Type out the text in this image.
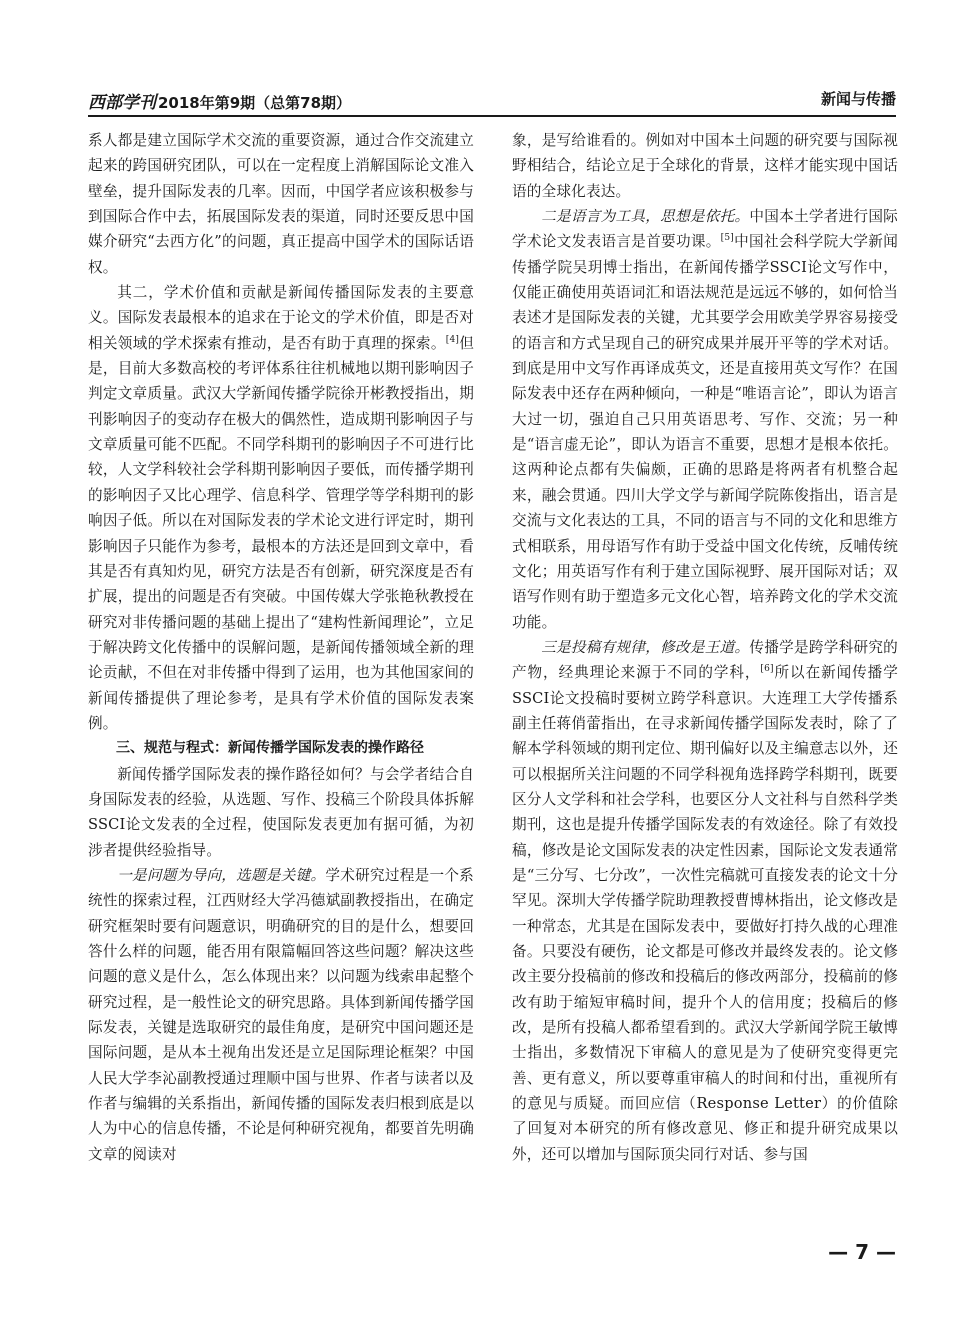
西部学刊 2018年第9期（总第78期）	新闻与传播

系人都是建立国际学术交流的重要资源，通过合作交流建立起来的跨国研究团队，可以在一定程度上消解国际论文准入壁垒，提升国际发表的几率。因而，中国学者应该积极参与到国际合作中去，拓展国际发表的渠道，同时还要反思中国媒介研究“去西方化”的问题，真正提高中国学术的国际话语权。

其二，学术价值和贡献是新闻传播国际发表的主要意义。国际发表最根本的追求在于论文的学术价值，即是否对相关领域的学术探索有推动，是否有助于真理的探索。[4]但是，目前大多数高校的考评体系往往机械地以期刊影响因子判定文章质量。武汉大学新闻传播学院徐开彬教授指出，期刊影响因子的变动存在极大的偶然性，造成期刊影响因子与文章质量可能不匹配。不同学科期刊的影响因子不可进行比较，人文学科较社会学科期刊影响因子要低，而传播学期刊的影响因子又比心理学、信息科学、管理学等学科期刊的影响因子低。所以在对国际发表的学术论文进行评定时，期刊影响因子只能作为参考，最根本的方法还是回到文章中，看其是否有真知灼见，研究方法是否有创新，研究深度是否有扩展，提出的问题是否有突破。中国传媒大学张艳秋教授在研究对非传播问题的基础上提出了“建构性新闻理论”，立足于解决跨文化传播中的误解问题，是新闻传播领域全新的理论贡献，不但在对非传播中得到了运用，也为其他国家间的新闻传播提供了理论参考，是具有学术价值的国际发表案例。

三、规范与程式：新闻传播学国际发表的操作路径

新闻传播学国际发表的操作路径如何？与会学者结合自身国际发表的经验，从选题、写作、投稿三个阶段具体拆解SSCI论文发表的全过程，使国际发表更加有据可循，为初涉者提供经验指导。

一是问题为导向，选题是关键。学术研究过程是一个系统性的探索过程，江西财经大学冯德斌副教授指出，在确定研究框架时要有问题意识，明确研究的目的是什么，想要回答什么样的问题，能否用有限篇幅回答这些问题？解决这些问题的意义是什么，怎么体现出来？以问题为线索串起整个研究过程，是一般性论文的研究思路。具体到新闻传播学国际发表，关键是选取研究的最佳角度，是研究中国问题还是国际问题，是从本土视角出发还是立足国际理论框架？中国人民大学李沁副教授通过理顺中国与世界、作者与读者以及作者与编辑的关系指出，新闻传播的国际发表归根到底是以人为中心的信息传播，不论是何种研究视角，都要首先明确文章的阅读对

象，是写给谁看的。例如对中国本土问题的研究要与国际视野相结合，结论立足于全球化的背景，这样才能实现中国话语的全球化表达。

二是语言为工具，思想是依托。中国本土学者进行国际学术论文发表语言是首要功课。[5]中国社会科学院大学新闻传播学院吴玥博士指出，在新闻传播学SSCI论文写作中，仅能正确使用英语词汇和语法规范是远远不够的，如何恰当表述才是国际发表的关键，尤其要学会用欧美学界容易接受的语言和方式呈现自己的研究成果并展开平等的学术对话。到底是用中文写作再译成英文，还是直接用英文写作？在国际发表中还存在两种倾向，一种是“唯语言论”，即认为语言大过一切，强迫自己只用英语思考、写作、交流；另一种是“语言虚无论”，即认为语言不重要，思想才是根本依托。这两种论点都有失偏颇，正确的思路是将两者有机整合起来，融会贯通。四川大学文学与新闻学院陈俊指出，语言是交流与文化表达的工具，不同的语言与不同的文化和思维方式相联系，用母语写作有助于受益中国文化传统，反哺传统文化；用英语写作有利于建立国际视野、展开国际对话；双语写作则有助于塑造多元文化心智，培养跨文化的学术交流功能。

三是投稿有规律，修改是王道。传播学是跨学科研究的产物，经典理论来源于不同的学科，[6]所以在新闻传播学SSCI论文投稿时要树立跨学科意识。大连理工大学传播系副主任蒋俏蕾指出，在寻求新闻传播学国际发表时，除了了解本学科领域的期刊定位、期刊偏好以及主编意志以外，还可以根据所关注问题的不同学科视角选择跨学科期刊，既要区分人文学科和社会学科，也要区分人文社科与自然科学类期刊，这也是提升传播学国际发表的有效途径。除了有效投稿，修改是论文国际发表的决定性因素，国际论文发表通常是“三分写、七分改”，一次性完稿就可直接发表的论文十分罕见。深圳大学传播学院助理教授曹博林指出，论文修改是一种常态，尤其是在国际发表中，要做好打持久战的心理准备。只要没有硬伤，论文都是可修改并最终发表的。论文修改主要分投稿前的修改和投稿后的修改两部分，投稿前的修改有助于缩短审稿时间，提升个人的信用度；投稿后的修改，是所有投稿人都希望看到的。武汉大学新闻学院王敏博士指出，多数情况下审稿人的意见是为了使研究变得更完善、更有意义，所以要尊重审稿人的时间和付出，重视所有的意见与质疑。而回应信（Response Letter）的价值除了回复对本研究的所有修改意见、修正和提升研究成果以外，还可以增加与国际顶尖同行对话、参与国

— 7 —
